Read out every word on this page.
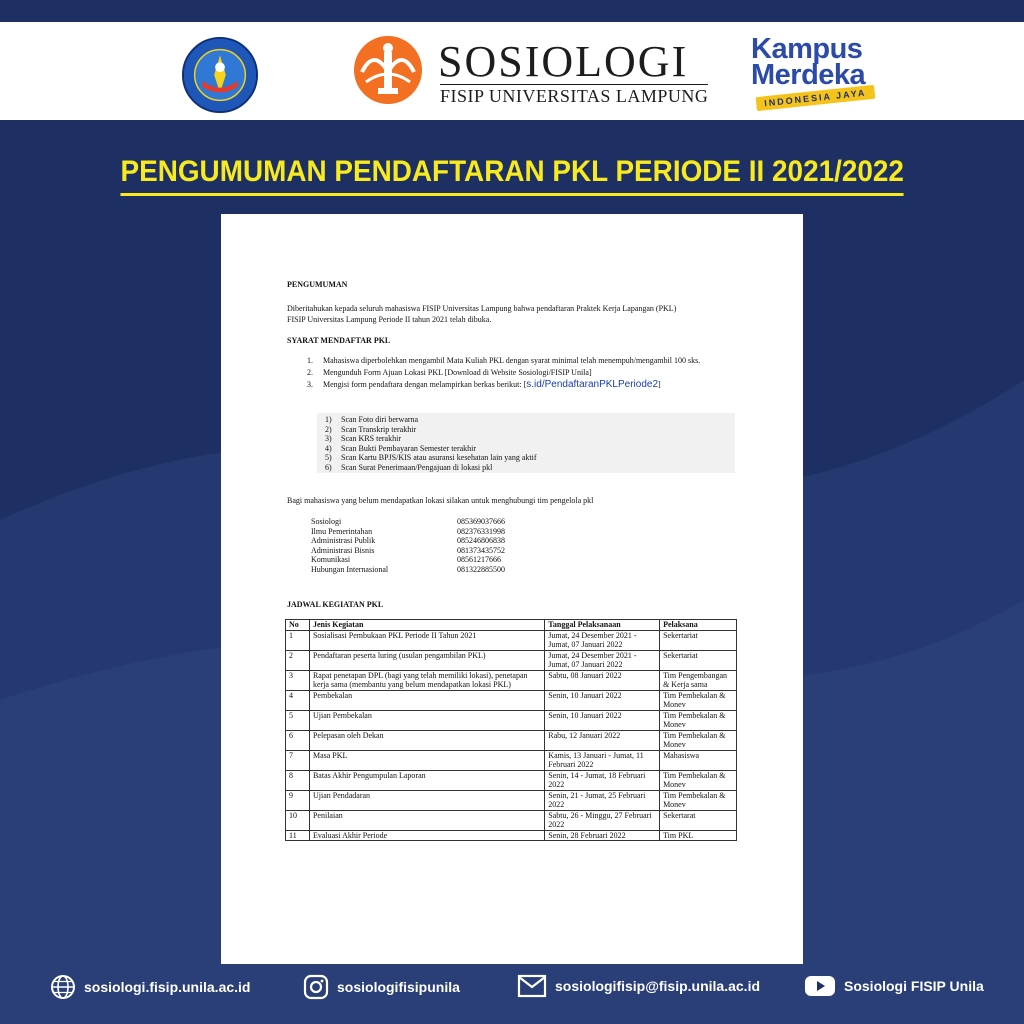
SOSIOLOGI
FISIP UNIVERSITAS LAMPUNG
Kampus
Merdeka
INDONESIA JAYA
PENGUMUMAN PENDAFTARAN PKL PERIODE II 2021/2022
PENGUMUMAN
Diberitahukan kepada seluruh mahasiswa FISIP Universitas Lampung bahwa pendaftaran Praktek Kerja Lapangan (PKL)
FISIP Universitas Lampung Periode II tahun 2021 telah dibuka.
SYARAT MENDAFTAR PKL
1. Mahasiswa diperbolehkan mengambil Mata Kuliah PKL dengan syarat minimal telah menempuh/mengambil 100 sks.
2. Mengunduh Form Ajuan Lokasi PKL [Download di Website Sosiologi/FISIP Unila]
3. Mengisi form pendaftara dengan melampirkan berkas berikut: [s.id/PendaftaranPKLPeriode2]
1) Scan Foto diri berwarna
2) Scan Transkrip terakhir
3) Scan KRS terakhir
4) Scan Bukti Pembayaran Semester terakhir
5) Scan Kartu BPJS/KIS atau asuransi kesehatan lain yang aktif
6) Scan Surat Penerimaan/Pengajuan di lokasi pkl
Bagi mahasiswa yang belum mendapatkan lokasi silakan untuk menghubungi tim pengelola pkl
Sosiologi	085369037666
Ilmu Pemerintahan	082376331998
Administrasi Publik	085246806838
Administrasi Bisnis	081373435752
Komunikasi	08561217666
Hubungan Internasional	081322885500
JADWAL KEGIATAN PKL
No	Jenis Kegiatan	Tanggal Pelaksanaan	Pelaksana
1	Sosialisasi Pembukaan PKL Periode II Tahun 2021	Jumat, 24 Desember 2021 - Jumat, 07 Januari 2022	Sekertariat
2	Pendaftaran peserta luring (usulan pengambilan PKL)	Jumat, 24 Desember 2021 - Jumat, 07 Januari 2022	Sekertariat
3	Rapat penetapan DPL (bagi yang telah memiliki lokasi), penetapan kerja sama (membantu yang belum mendapatkan lokasi PKL)	Sabtu, 08 Januari 2022	Tim Pengembangan & Kerja sama
4	Pembekalan	Senin, 10 Januari 2022	Tim Pembekalan & Monev
5	Ujian Pembekalan	Senin, 10 Januari 2022	Tim Pembekalan & Monev
6	Pelepasan oleh Dekan	Rabu, 12 Januari 2022	Tim Pembekalan & Monev
7	Masa PKL	Kamis, 13 Januari - Jumat, 11 Februari 2022	Mahasiswa
8	Batas Akhir Pengumpulan Laporan	Senin, 14 - Jumat, 18 Februari 2022	Tim Pembekalan & Monev
9	Ujian Pendadaran	Senin, 21 - Jumat, 25 Februari 2022	Tim Pembekalan & Monev
10	Penilaian	Sabtu, 26 - Minggu, 27 Februari 2022	Sekertarat
11	Evaluasi Akhir Periode	Senin, 28 Februari 2022	Tim PKL
sosiologi.fisip.unila.ac.id	sosiologifisipunila	sosiologifisip@fisip.unila.ac.id	Sosiologi FISIP Unila
